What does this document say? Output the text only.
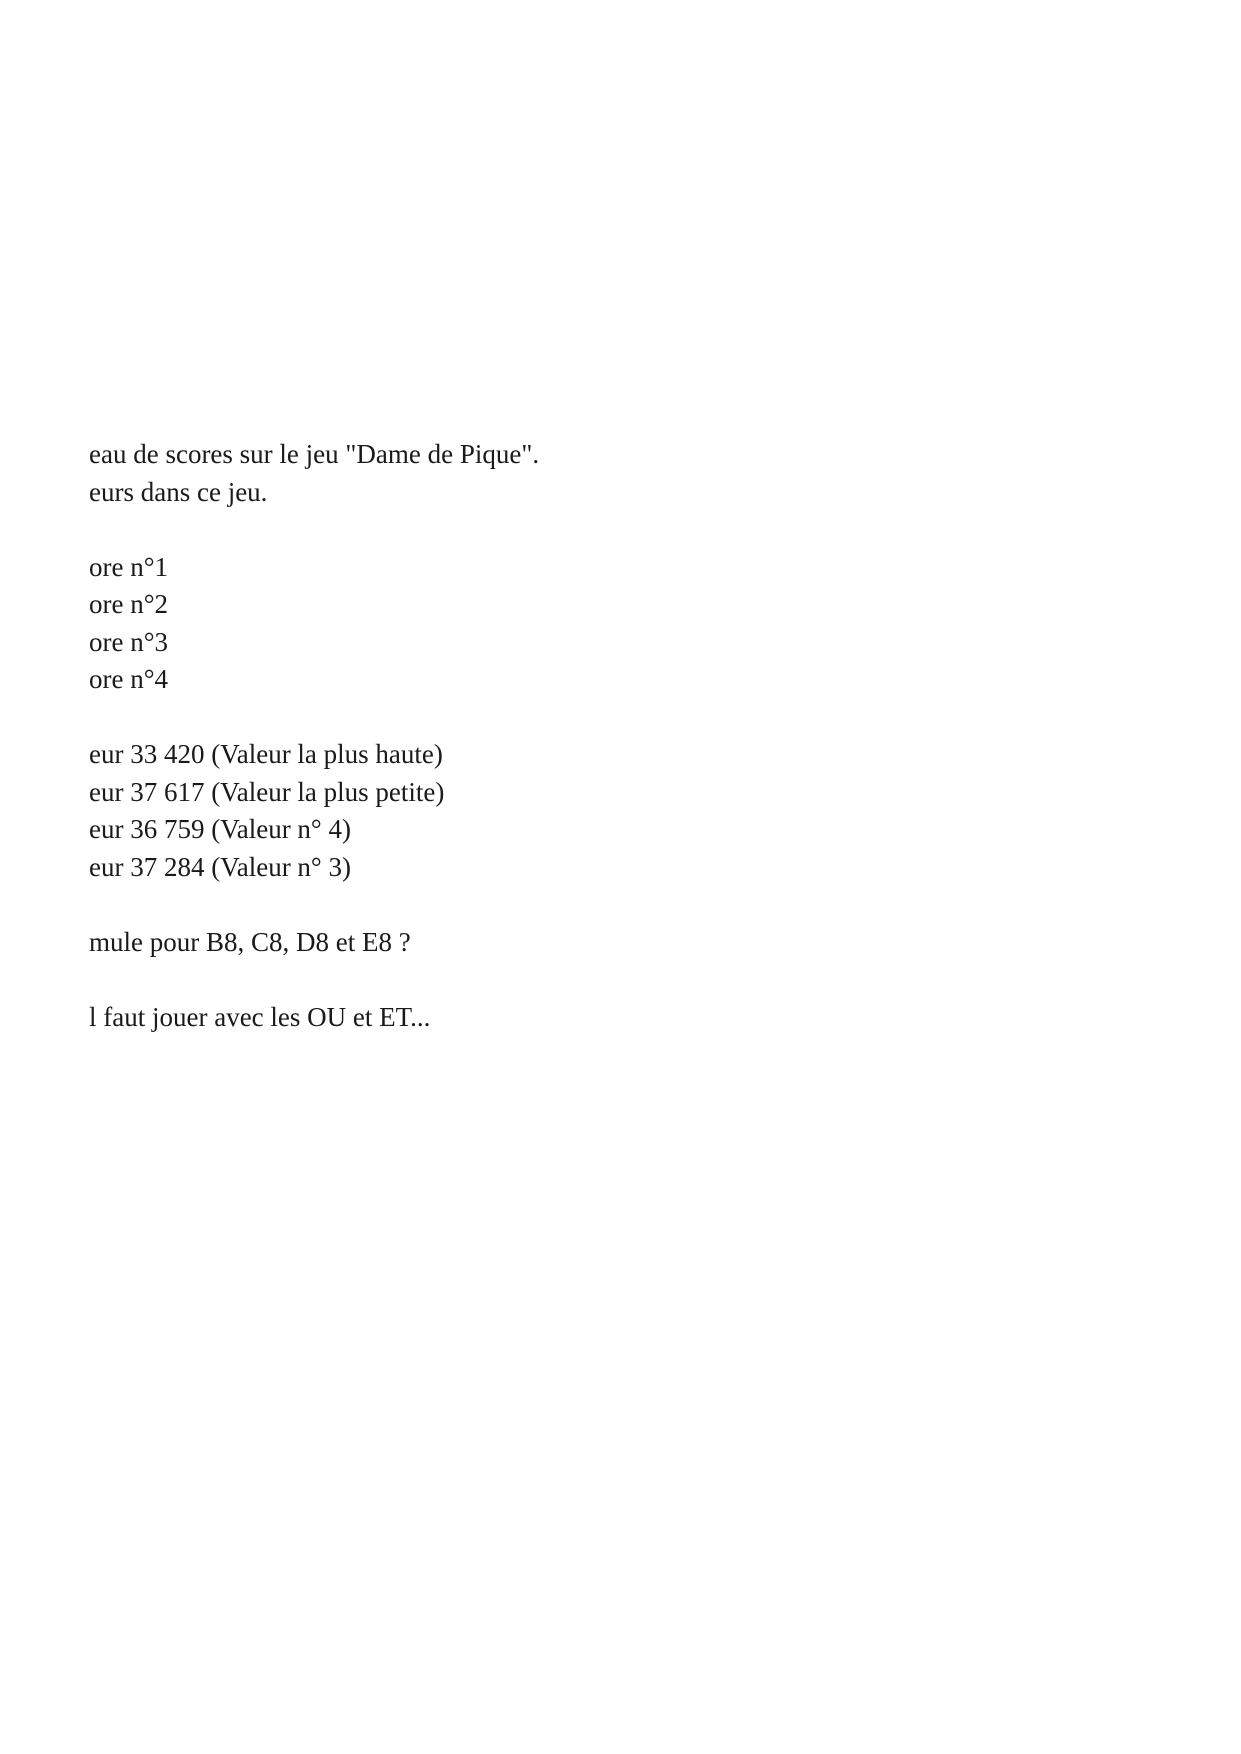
eau de scores sur le jeu "Dame de Pique".
eurs dans ce jeu.
ore n°1
ore n°2
ore n°3
ore n°4
eur 33 420 (Valeur la plus haute)
eur 37 617 (Valeur la plus petite)
eur 36 759 (Valeur n° 4)
eur 37 284 (Valeur n° 3)
mule pour B8, C8, D8 et E8 ?
l faut jouer avec les OU et ET...
